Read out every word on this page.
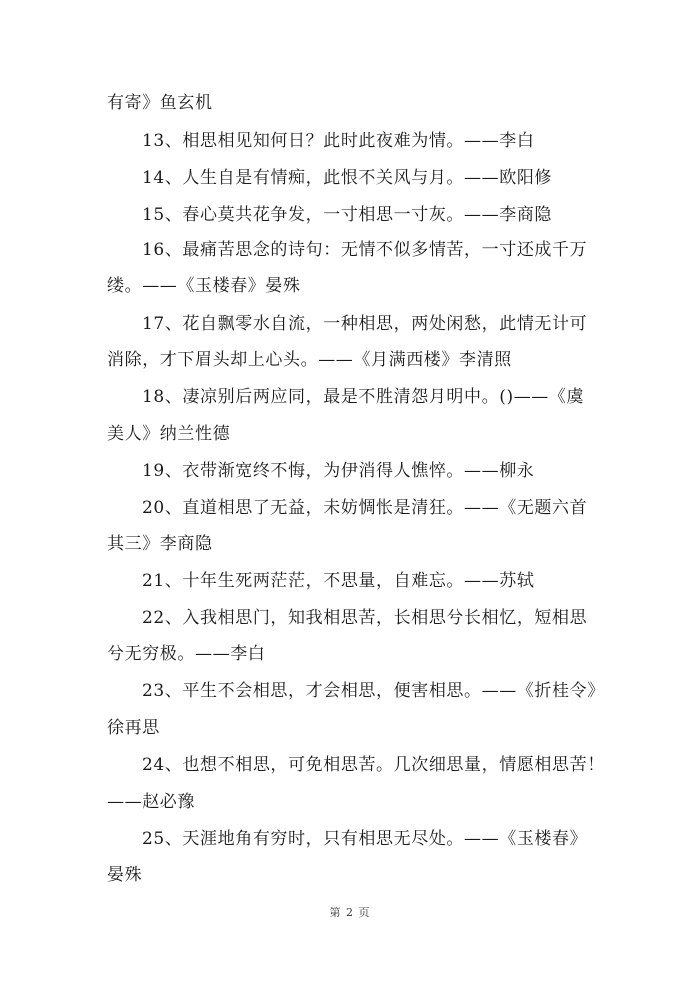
有寄》鱼玄机
13、相思相见知何日？此时此夜难为情。——李白
14、人生自是有情痴，此恨不关风与月。——欧阳修
15、春心莫共花争发，一寸相思一寸灰。——李商隐
16、最痛苦思念的诗句：无情不似多情苦，一寸还成千万
缕。——《玉楼春》晏殊
17、花自飘零水自流，一种相思，两处闲愁，此情无计可
消除，才下眉头却上心头。——《月满西楼》李清照
18、凄凉别后两应同，最是不胜清怨月明中。()——《虞
美人》纳兰性德
19、衣带渐宽终不悔，为伊消得人憔悴。——柳永
20、直道相思了无益，未妨惆怅是清狂。——《无题六首
其三》李商隐
21、十年生死两茫茫，不思量，自难忘。——苏轼
22、入我相思门，知我相思苦，长相思兮长相忆，短相思
兮无穷极。——李白
23、平生不会相思，才会相思，便害相思。——《折桂令》
徐再思
24、也想不相思，可免相思苦。几次细思量，情愿相思苦！
——赵必豫
25、天涯地角有穷时，只有相思无尽处。——《玉楼春》
晏殊
第 2 页
